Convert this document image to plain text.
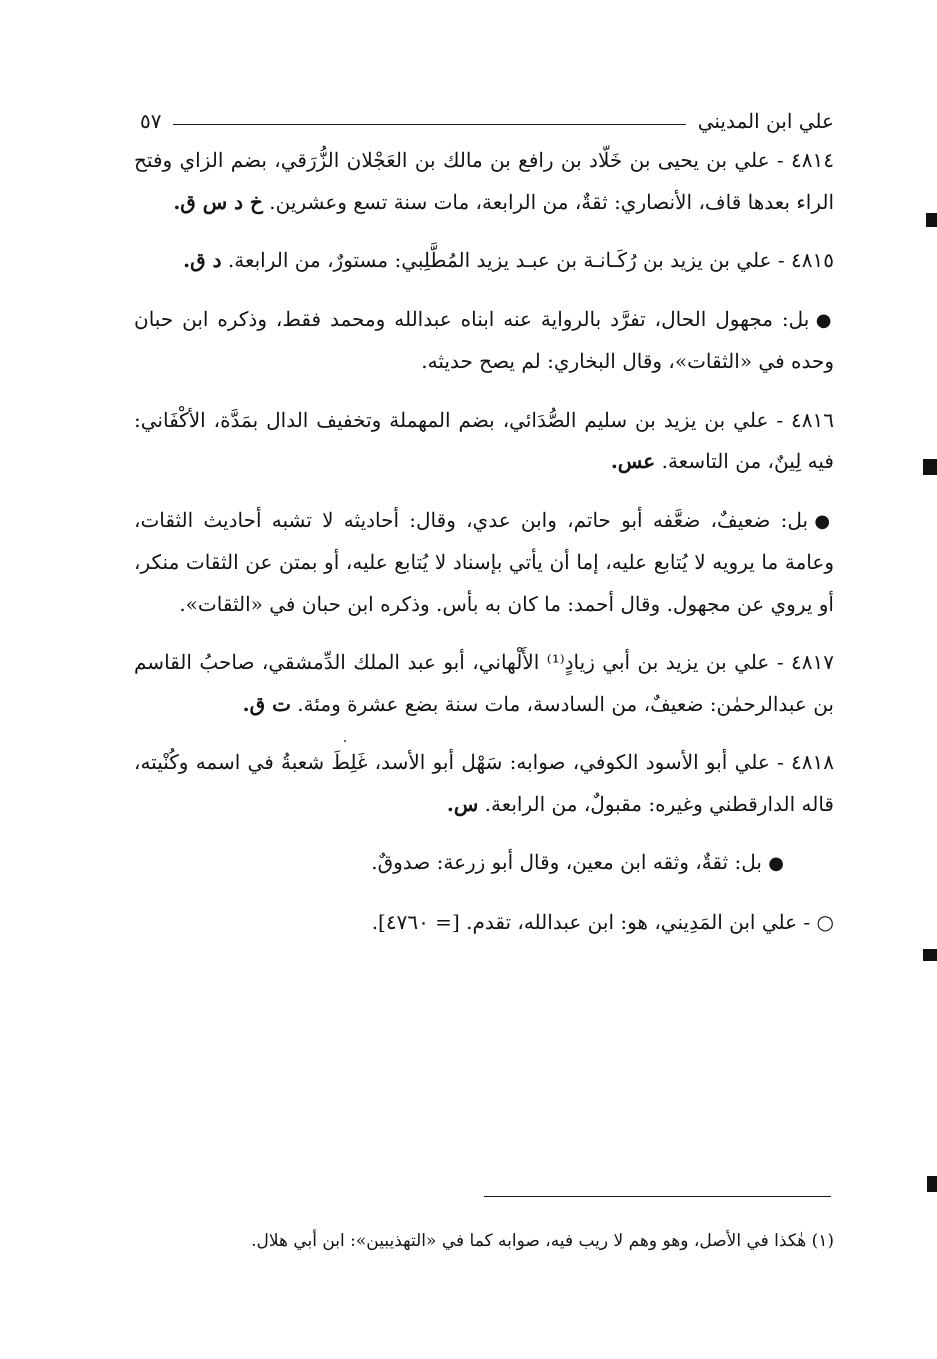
علي ابن المديني
٥٧

٤٨١٤ - علي بن يحيى بن خَلّاد بن رافع بن مالك بن العَجْلان الزُّرَقي، بضم الزاي وفتح الراء بعدها قاف، الأنصاري: ثقةٌ، من الرابعة، مات سنة تسع وعشرين. خ د س ق.

٤٨١٥ - علي بن يزيد بن رُكَـانـة بن عبـد يزيد المُطَّلِبي: مستورٌ، من الرابعة. د ق.

● بل: مجهول الحال، تفرَّد بالرواية عنه ابناه عبدالله ومحمد فقط، وذكره ابن حبان وحده في «الثقات»، وقال البخاري: لم يصح حديثه.

٤٨١٦ - علي بن يزيد بن سليم الصُّدَائي، بضم المهملة وتخفيف الدال بمَدَّة، الأكْفَاني: فيه لِينٌ، من التاسعة. عس.

● بل: ضعيفٌ، ضعَّفه أبو حاتم، وابن عدي، وقال: أحاديثه لا تشبه أحاديث الثقات، وعامة ما يرويه لا يُتابع عليه، إما أن يأتي بإسناد لا يُتابع عليه، أو بمتن عن الثقات منكر، أو يروي عن مجهول. وقال أحمد: ما كان به بأس. وذكره ابن حبان في «الثقات».

٤٨١٧ - علي بن يزيد بن أبي زيادٍ⁽¹⁾ الأَلْهاني، أبو عبد الملك الدِّمشقي، صاحبُ القاسم بن عبدالرحمٰن: ضعيفٌ، من السادسة، مات سنة بضع عشرة ومئة. ت ق.

٤٨١٨ - علي أبو الأسود الكوفي، صوابه: سَهْل أبو الأسد، غَلِطَ شعبةُ في اسمه وكُنْيته، قاله الدارقطني وغيره: مقبولٌ، من الرابعة. س.

● بل: ثقةٌ، وثقه ابن معين، وقال أبو زرعة: صدوقٌ.

○ - علي ابن المَدِيني، هو: ابن عبدالله، تقدم. [= ٤٧٦٠].

(١) هٰكذا في الأصل، وهو وهم لا ريب فيه، صوابه كما في «التهذيبين»: ابن أبي هلال.
